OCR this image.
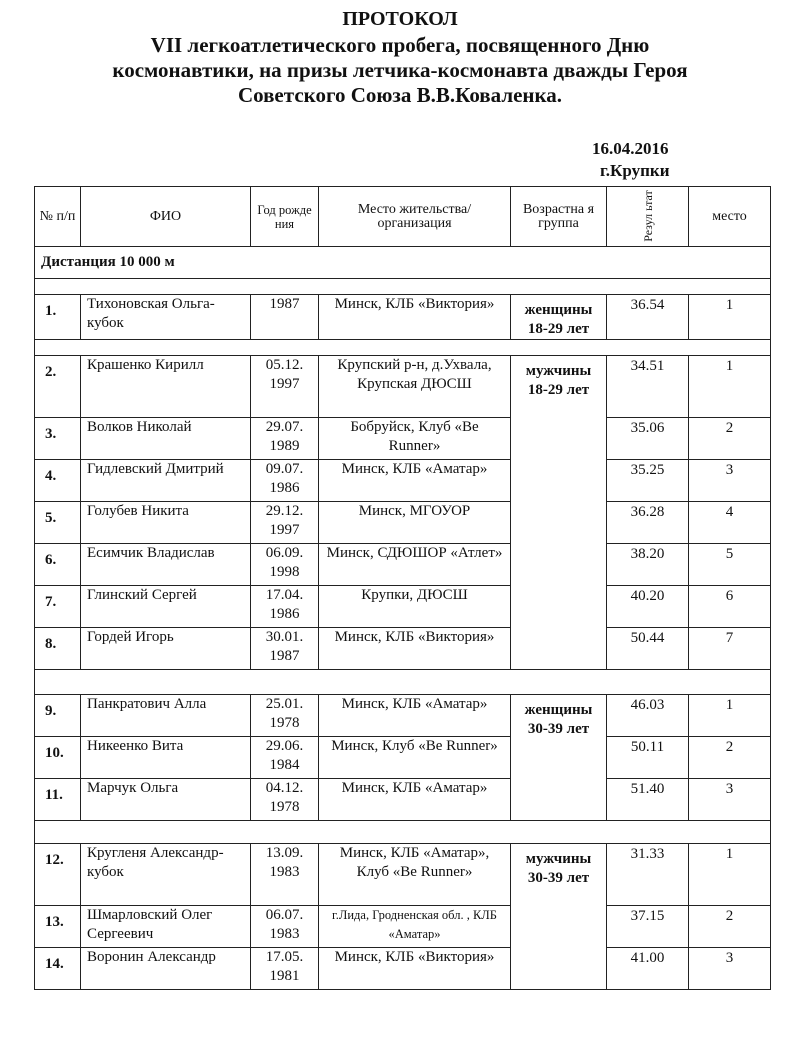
ПРОТОКОЛ
VII легкоатлетического пробега, посвященного Дню
космонавтики, на призы летчика-космонавта дважды Героя
Советского Союза В.В.Коваленка.
16.04.2016
г.Крупки
№ п/п	ФИО	Год рожде ния	Место жительства/ организация	Возрастна я группа	Резул ьтат	место
Дистанция 10 000 м						

1.	Тихоновская Ольга-кубок	1987	Минск, КЛБ «Виктория»	женщины 18-29 лет	36.54	1

2.	Крашенко Кирилл	05.12. 1997	Крупский р-н, д.Ухвала, Крупская ДЮСШ	мужчины 18-29 лет	34.51	1
3.	Волков Николай	29.07. 1989	Бобруйск, Клуб «Be Runner»		35.06	2
4.	Гидлевский Дмитрий	09.07. 1986	Минск, КЛБ «Аматар»		35.25	3
5.	Голубев Никита	29.12. 1997	Минск, МГОУОР		36.28	4
6.	Есимчик Владислав	06.09. 1998	Минск, СДЮШОР «Атлет»		38.20	5
7.	Глинский Сергей	17.04. 1986	Крупки, ДЮСШ		40.20	6
8.	Гордей Игорь	30.01. 1987	Минск, КЛБ «Виктория»		50.44	7

9.	Панкратович Алла	25.01. 1978	Минск, КЛБ «Аматар»	женщины 30-39 лет	46.03	1
10.	Никеенко Вита	29.06. 1984	Минск, Клуб «Be Runner»		50.11	2
11.	Марчук Ольга	04.12. 1978	Минск, КЛБ «Аматар»		51.40	3

12.	Кругленя Александр-кубок	13.09. 1983	Минск, КЛБ «Аматар», Клуб «Be Runner»	мужчины 30-39 лет	31.33	1
13.	Шмарловский Олег Сергеевич	06.07. 1983	г.Лида, Гродненская обл. , КЛБ «Аматар»		37.15	2
14.	Воронин Александр	17.05. 1981	Минск, КЛБ «Виктория»		41.00	3
